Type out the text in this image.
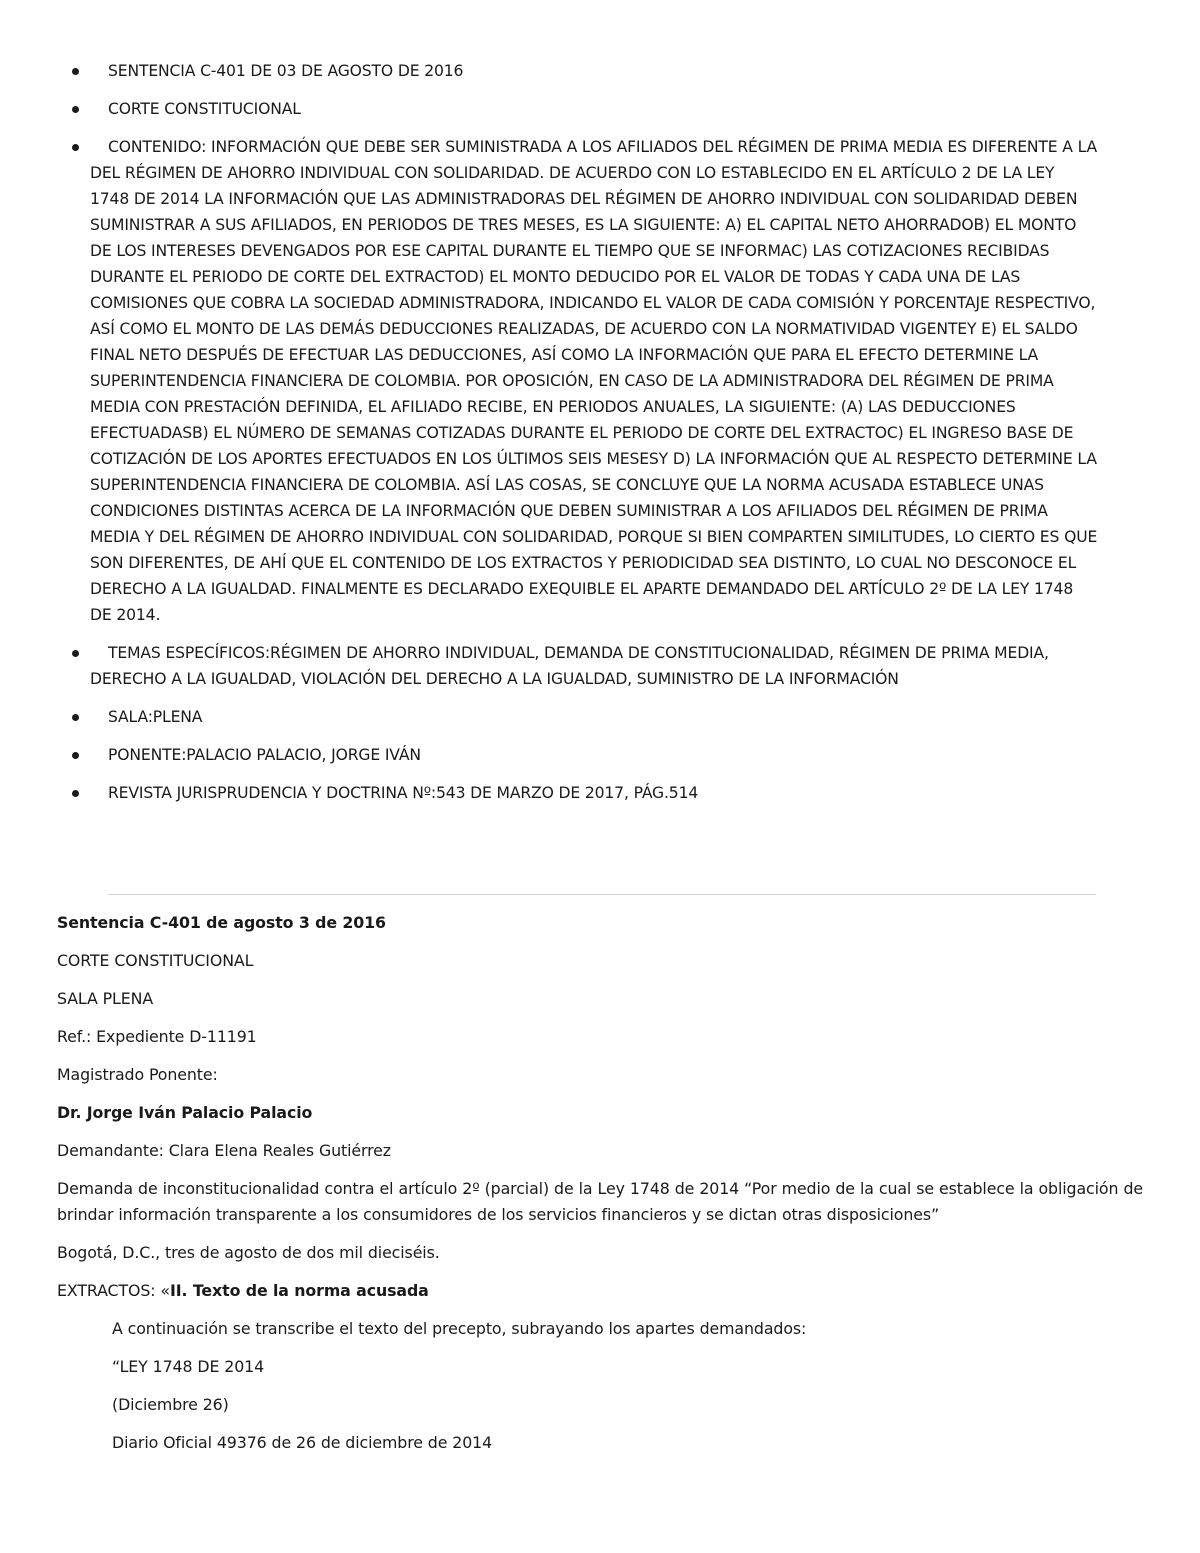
SENTENCIA C-401 DE 03 DE AGOSTO DE 2016
CORTE CONSTITUCIONAL
CONTENIDO: INFORMACIÓN QUE DEBE SER SUMINISTRADA A LOS AFILIADOS DEL RÉGIMEN DE PRIMA MEDIA ES DIFERENTE A LA DEL RÉGIMEN DE AHORRO INDIVIDUAL CON SOLIDARIDAD. DE ACUERDO CON LO ESTABLECIDO EN EL ARTÍCULO 2 DE LA LEY 1748 DE 2014 LA INFORMACIÓN QUE LAS ADMINISTRADORAS DEL RÉGIMEN DE AHORRO INDIVIDUAL CON SOLIDARIDAD DEBEN SUMINISTRAR A SUS AFILIADOS, EN PERIODOS DE TRES MESES, ES LA SIGUIENTE: A) EL CAPITAL NETO AHORRADOB) EL MONTO DE LOS INTERESES DEVENGADOS POR ESE CAPITAL DURANTE EL TIEMPO QUE SE INFORMAC) LAS COTIZACIONES RECIBIDAS DURANTE EL PERIODO DE CORTE DEL EXTRACTOD) EL MONTO DEDUCIDO POR EL VALOR DE TODAS Y CADA UNA DE LAS COMISIONES QUE COBRA LA SOCIEDAD ADMINISTRADORA, INDICANDO EL VALOR DE CADA COMISIÓN Y PORCENTAJE RESPECTIVO, ASÍ COMO EL MONTO DE LAS DEMÁS DEDUCCIONES REALIZADAS, DE ACUERDO CON LA NORMATIVIDAD VIGENTEY E) EL SALDO FINAL NETO DESPUÉS DE EFECTUAR LAS DEDUCCIONES, ASÍ COMO LA INFORMACIÓN QUE PARA EL EFECTO DETERMINE LA SUPERINTENDENCIA FINANCIERA DE COLOMBIA. POR OPOSICIÓN, EN CASO DE LA ADMINISTRADORA DEL RÉGIMEN DE PRIMA MEDIA CON PRESTACIÓN DEFINIDA, EL AFILIADO RECIBE, EN PERIODOS ANUALES, LA SIGUIENTE: (A) LAS DEDUCCIONES EFECTUADASB) EL NÚMERO DE SEMANAS COTIZADAS DURANTE EL PERIODO DE CORTE DEL EXTRACTOC) EL INGRESO BASE DE COTIZACIÓN DE LOS APORTES EFECTUADOS EN LOS ÚLTIMOS SEIS MESESY D) LA INFORMACIÓN QUE AL RESPECTO DETERMINE LA SUPERINTENDENCIA FINANCIERA DE COLOMBIA. ASÍ LAS COSAS, SE CONCLUYE QUE LA NORMA ACUSADA ESTABLECE UNAS CONDICIONES DISTINTAS ACERCA DE LA INFORMACIÓN QUE DEBEN SUMINISTRAR A LOS AFILIADOS DEL RÉGIMEN DE PRIMA MEDIA Y DEL RÉGIMEN DE AHORRO INDIVIDUAL CON SOLIDARIDAD, PORQUE SI BIEN COMPARTEN SIMILITUDES, LO CIERTO ES QUE SON DIFERENTES, DE AHÍ QUE EL CONTENIDO DE LOS EXTRACTOS Y PERIODICIDAD SEA DISTINTO, LO CUAL NO DESCONOCE EL DERECHO A LA IGUALDAD. FINALMENTE ES DECLARADO EXEQUIBLE EL APARTE DEMANDADO DEL ARTÍCULO 2º DE LA LEY 1748 DE 2014.
TEMAS ESPECÍFICOS:RÉGIMEN DE AHORRO INDIVIDUAL, DEMANDA DE CONSTITUCIONALIDAD, RÉGIMEN DE PRIMA MEDIA, DERECHO A LA IGUALDAD, VIOLACIÓN DEL DERECHO A LA IGUALDAD, SUMINISTRO DE LA INFORMACIÓN
SALA:PLENA
PONENTE:PALACIO PALACIO, JORGE IVÁN
REVISTA JURISPRUDENCIA Y DOCTRINA Nº:543 DE MARZO DE 2017, PÁG.514

Sentencia C-401 de agosto 3 de 2016

CORTE CONSTITUCIONAL

SALA PLENA

Ref.: Expediente D-11191

Magistrado Ponente:

Dr. Jorge Iván Palacio Palacio

Demandante: Clara Elena Reales Gutiérrez

Demanda de inconstitucionalidad contra el artículo 2º (parcial) de la Ley 1748 de 2014 “Por medio de la cual se establece la obligación de brindar información transparente a los consumidores de los servicios financieros y se dictan otras disposiciones”

Bogotá, D.C., tres de agosto de dos mil dieciséis.

EXTRACTOS: «II. Texto de la norma acusada

A continuación se transcribe el texto del precepto, subrayando los apartes demandados:

“LEY 1748 DE 2014

(Diciembre 26)

Diario Oficial 49376 de 26 de diciembre de 2014
